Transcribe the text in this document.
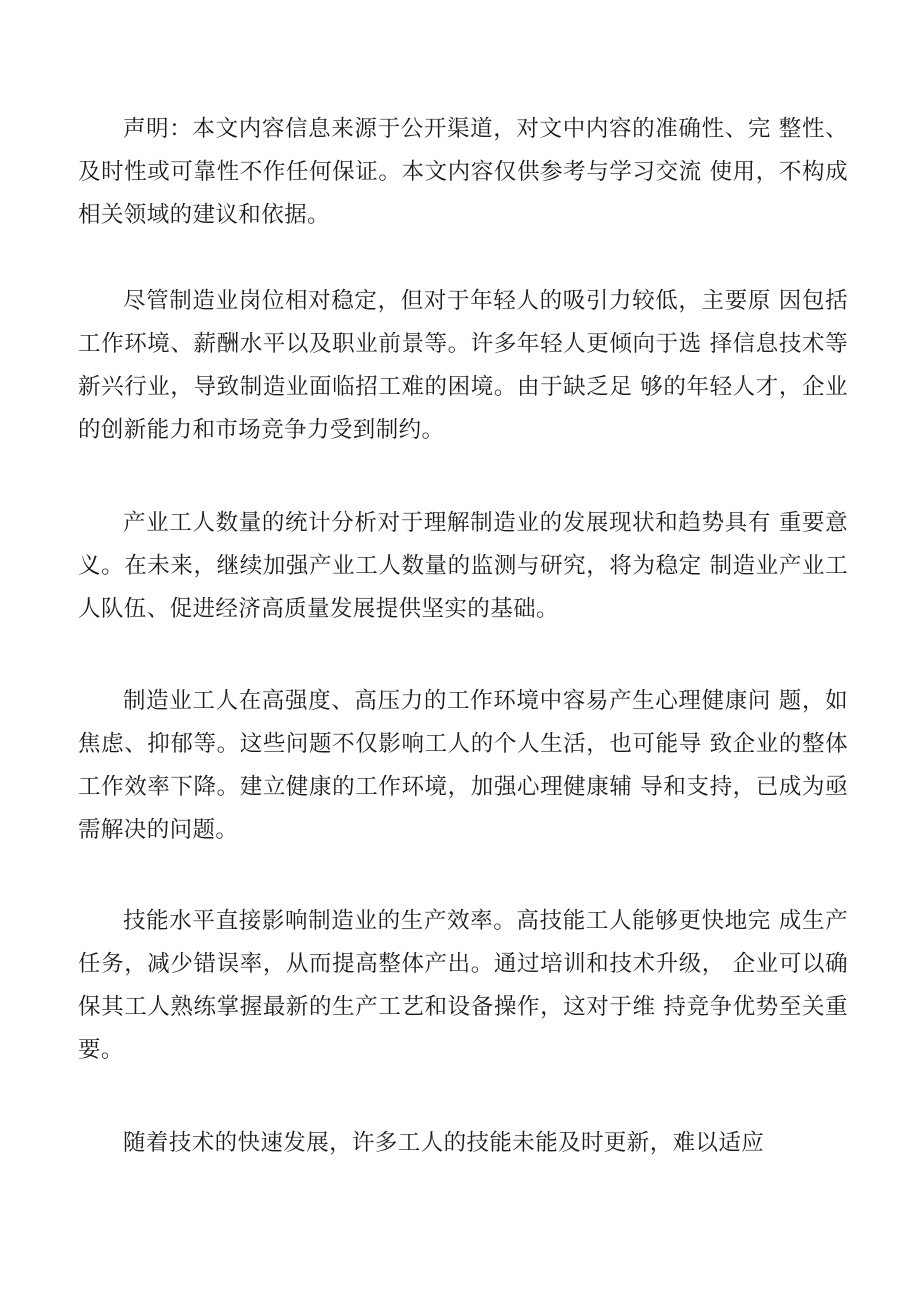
声明：本文内容信息来源于公开渠道，对文中内容的准确性、完 整性、及时性或可靠性不作任何保证。本文内容仅供参考与学习交流 使用，不构成相关领域的建议和依据。

尽管制造业岗位相对稳定，但对于年轻人的吸引力较低，主要原 因包括工作环境、薪酬水平以及职业前景等。许多年轻人更倾向于选 择信息技术等新兴行业，导致制造业面临招工难的困境。由于缺乏足 够的年轻人才，企业的创新能力和市场竞争力受到制约。

产业工人数量的统计分析对于理解制造业的发展现状和趋势具有 重要意义。在未来，继续加强产业工人数量的监测与研究，将为稳定 制造业产业工人队伍、促进经济高质量发展提供坚实的基础。

制造业工人在高强度、高压力的工作环境中容易产生心理健康问 题，如焦虑、抑郁等。这些问题不仅影响工人的个人生活，也可能导 致企业的整体工作效率下降。建立健康的工作环境，加强心理健康辅 导和支持，已成为亟需解决的问题。

技能水平直接影响制造业的生产效率。高技能工人能够更快地完 成生产任务，减少错误率，从而提高整体产出。通过培训和技术升级， 企业可以确保其工人熟练掌握最新的生产工艺和设备操作，这对于维 持竞争优势至关重要。

随着技术的快速发展，许多工人的技能未能及时更新，难以适应
